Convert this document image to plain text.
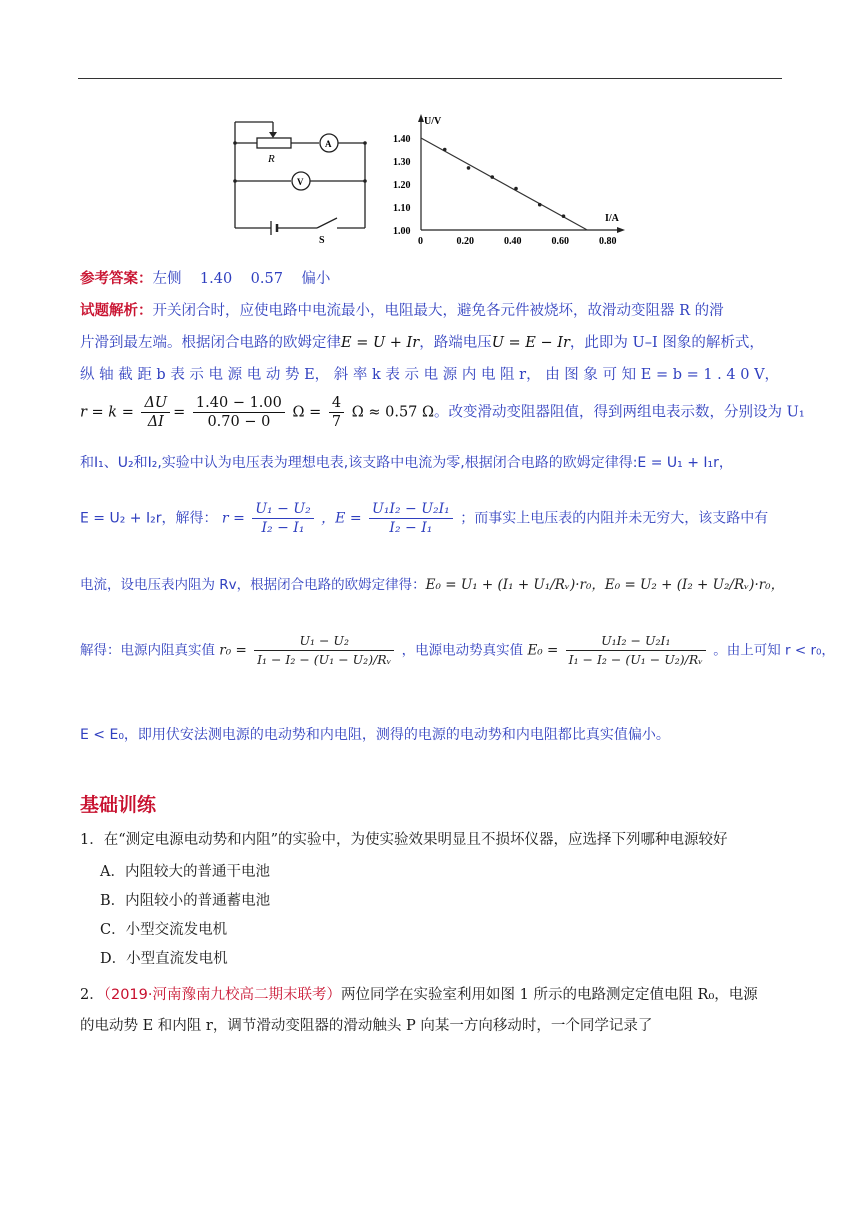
R
A
V
S
U/V
I/A
1.40
1.30
1.20
1.10
1.00
0	0.20	0.40	0.60	0.80
参考答案：左侧    1.40    0.57    偏小
试题解析：开关闭合时，应使电路中电流最小，电阻最大，避免各元件被烧坏，故滑动变阻器 R 的滑
片滑到最左端。根据闭合电路的欧姆定律E = U + Ir，路端电压U = E − Ir，此即为 U–I 图象的解析式，
纵 轴 截 距 b 表 示 电 源 电 动 势 E， 斜 率 k 表 示 电 源 内 电 阻 r， 由 图 象 可 知 E = b = 1 . 4 0 V，
$r = k = \frac{\Delta U}{\Delta I} = \frac{1.40 - 1.00}{0.70 - 0}$ $\Omega = \frac{4}{7}$ Ω ≈ 0.57 Ω。改变滑动变阻器阻值，得到两组电表示数，分别设为 U₁
和I₁、U₂和I₂,实验中认为电压表为理想电表,该支路中电流为零,根据闭合电路的欧姆定律得:E = U₁ + I₁r，
E = U₂ + I₂r，解得： $r = \frac{\text{U₁ − U₂}}{\text{I₂ − I₁}}$ ，$E = \frac{\text{U₁I₂ − U₂I₁}}{\text{I₂ − I₁}}$ ；而事实上电压表的内阻并未无穷大，该支路中有
电流，设电压表内阻为 Rv，根据闭合电路的欧姆定律得：E₀ = U₁ + (I₁ + U₁/Rᵥ)·r₀，E₀ = U₂ + (I₂ + U₂/Rᵥ)·r₀，
解得：电源内阻真实值 $r_0 = \frac{\text{U₁ − U₂}}{\text{I₁ − I₂ − (U₁ − U₂)/Rᵥ}}$ ，电源电动势真实值 $E_0 = \frac{\text{U₁I₂ − U₂I₁}}{\text{I₁ − I₂ − (U₁ − U₂)/Rᵥ}}$ 。由上可知 r < r₀，
E < E₀，即用伏安法测电源的电动势和内电阻，测得的电源的电动势和内电阻都比真实值偏小。
基础训练
1．在“测定电源电动势和内阻”的实验中，为使实验效果明显且不损坏仪器，应选择下列哪种电源较好
A．内阻较大的普通干电池
B．内阻较小的普通蓄电池
C．小型交流发电机
D．小型直流发电机
2．（2019·河南豫南九校高二期末联考）两位同学在实验室利用如图 1 所示的电路测定定值电阻 R₀，电源
的电动势 E 和内阻 r，调节滑动变阻器的滑动触头 P 向某一方向移动时，一个同学记录了
